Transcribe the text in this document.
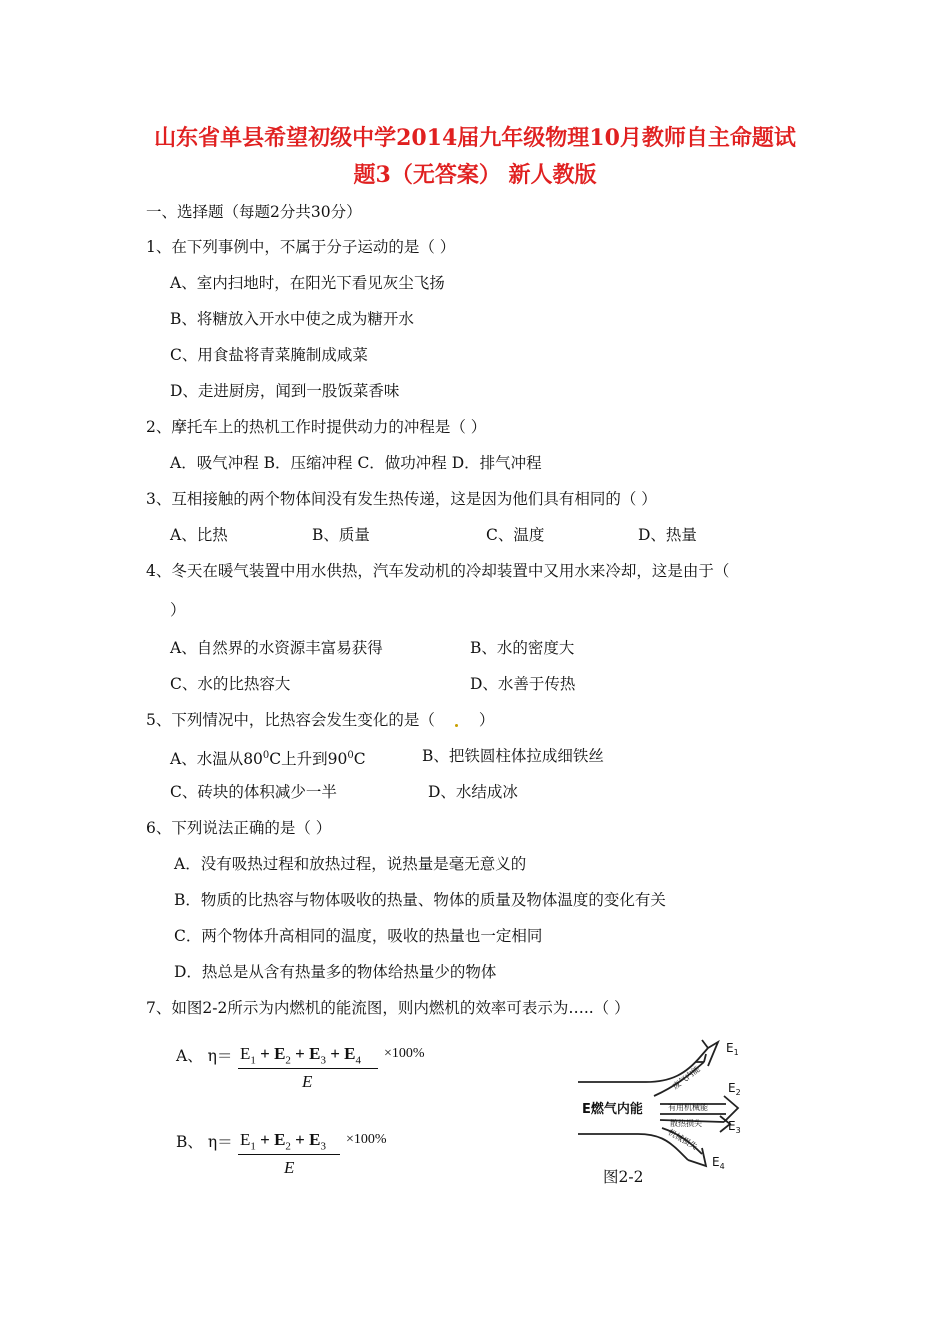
山东省单县希望初级中学2014届九年级物理10月教师自主命题试
题3（无答案） 新人教版
一、选择题（每题2分共30分）
1、在下列事例中，不属于分子运动的是（ ）
A、室内扫地时，在阳光下看见灰尘飞扬
B、将糖放入开水中使之成为糖开水
C、用食盐将青菜腌制成咸菜
D、走进厨房，闻到一股饭菜香味
2、摩托车上的热机工作时提供动力的冲程是（ ）
A．吸气冲程 B．压缩冲程 C．做功冲程 D．排气冲程
3、互相接触的两个物体间没有发生热传递，这是因为他们具有相同的（ ）
A、比热	B、质量	C、温度	D、热量
4、冬天在暖气装置中用水供热，汽车发动机的冷却装置中又用水来冷却，这是由于（
）
A、自然界的水资源丰富易获得	B、水的密度大
C、水的比热容大	D、水善于传热
5、下列情况中，比热容会发生变化的是（	）
A、水温从$80^0C$上升到$90^0C$	B、把铁圆柱体拉成细铁丝
C、砖块的体积减少一半	D、水结成冰
6、下列说法正确的是（ ）
A．没有吸热过程和放热过程，说热量是毫无意义的
B．物质的比热容与物体吸收的热量、物体的质量及物体温度的变化有关
C．两个物体升高相同的温度，吸收的热量也一定相同
D．热总是从含有热量多的物体给热量少的物体
7、如图2-2所示为内燃机的能流图，则内燃机的效率可表示为…..（ ）
A、 $\eta= E_1 + E_2 + E_3 + E_4$
E
×100%
B、 $\eta= E_1 + E_2 + E_3$
E
×100%
E燃气内能
废气内能
有用机械能
散热损失
机械损失
$E_1$
$E_2$
$E_3$
$E_4$
图2-2
